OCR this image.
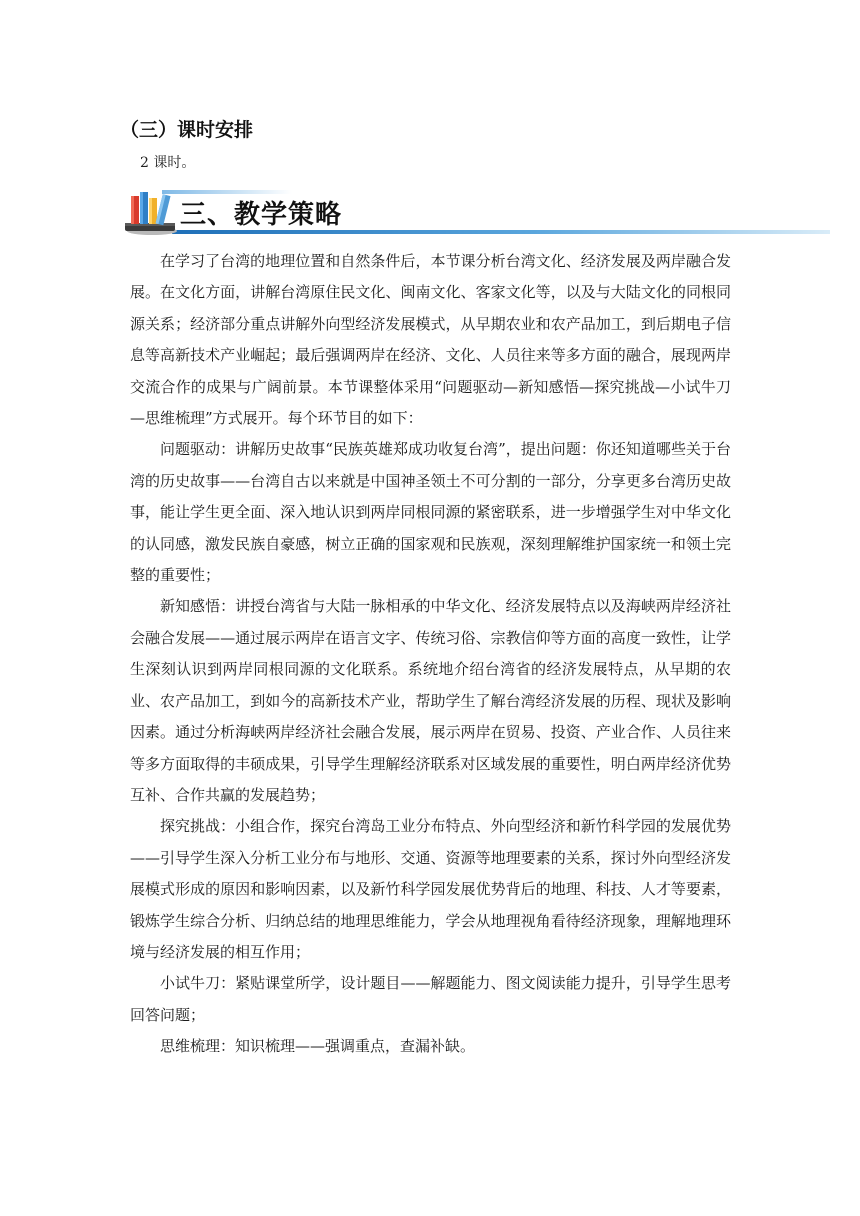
（三）课时安排
2 课时。
三、教学策略

在学习了台湾的地理位置和自然条件后，本节课分析台湾文化、经济发展及两岸融合发展。在文化方面，讲解台湾原住民文化、闽南文化、客家文化等，以及与大陆文化的同根同源关系；经济部分重点讲解外向型经济发展模式，从早期农业和农产品加工，到后期电子信息等高新技术产业崛起；最后强调两岸在经济、文化、人员往来等多方面的融合，展现两岸交流合作的成果与广阔前景。本节课整体采用“问题驱动—新知感悟—探究挑战—小试牛刀—思维梳理”方式展开。每个环节目的如下：

问题驱动：讲解历史故事“民族英雄郑成功收复台湾”，提出问题：你还知道哪些关于台湾的历史故事——台湾自古以来就是中国神圣领土不可分割的一部分，分享更多台湾历史故事，能让学生更全面、深入地认识到两岸同根同源的紧密联系，进一步增强学生对中华文化的认同感，激发民族自豪感，树立正确的国家观和民族观，深刻理解维护国家统一和领土完整的重要性；

新知感悟：讲授台湾省与大陆一脉相承的中华文化、经济发展特点以及海峡两岸经济社会融合发展——通过展示两岸在语言文字、传统习俗、宗教信仰等方面的高度一致性，让学生深刻认识到两岸同根同源的文化联系。系统地介绍台湾省的经济发展特点，从早期的农业、农产品加工，到如今的高新技术产业，帮助学生了解台湾经济发展的历程、现状及影响因素。通过分析海峡两岸经济社会融合发展，展示两岸在贸易、投资、产业合作、人员往来等多方面取得的丰硕成果，引导学生理解经济联系对区域发展的重要性，明白两岸经济优势互补、合作共赢的发展趋势；

探究挑战：小组合作，探究台湾岛工业分布特点、外向型经济和新竹科学园的发展优势——引导学生深入分析工业分布与地形、交通、资源等地理要素的关系，探讨外向型经济发展模式形成的原因和影响因素，以及新竹科学园发展优势背后的地理、科技、人才等要素，锻炼学生综合分析、归纳总结的地理思维能力，学会从地理视角看待经济现象，理解地理环境与经济发展的相互作用；

小试牛刀：紧贴课堂所学，设计题目——解题能力、图文阅读能力提升，引导学生思考回答问题；

思维梳理：知识梳理——强调重点，查漏补缺。
